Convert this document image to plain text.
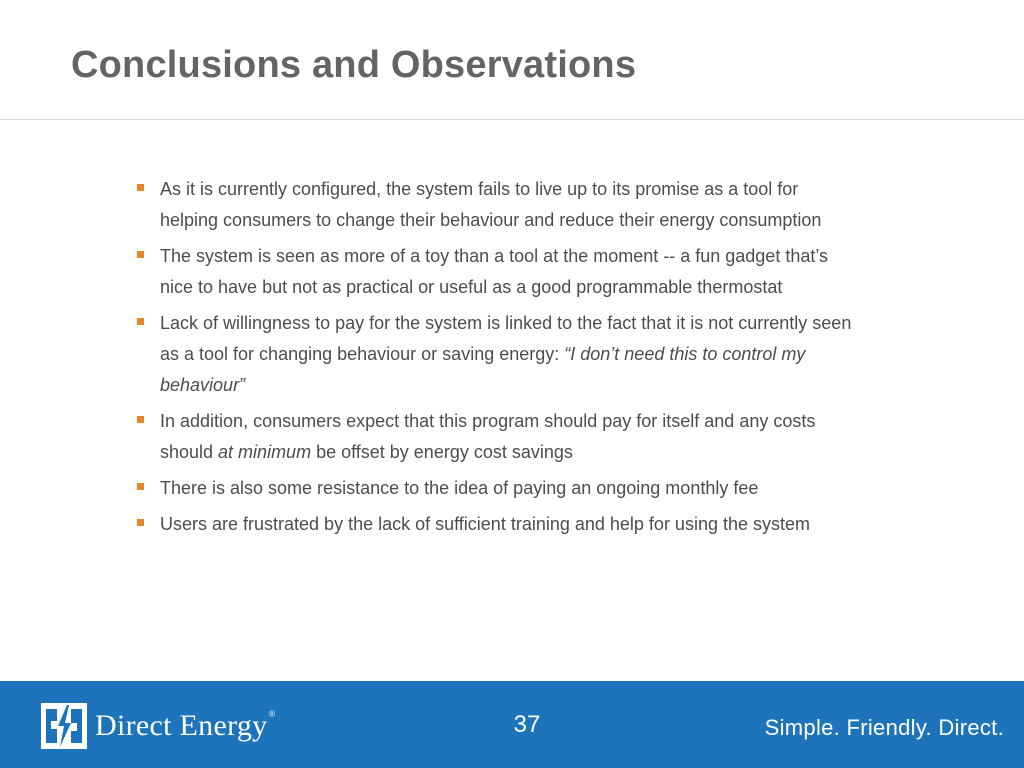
Conclusions and Observations
As it is currently configured, the system fails to live up to its promise as a tool for helping consumers to change their behaviour and reduce their energy consumption
The system is seen as more of a toy than a tool at the moment -- a fun gadget that’s nice to have but not as practical or useful as a good programmable thermostat
Lack of willingness to pay for the system is linked to the fact that it is not currently seen as a tool for changing behaviour or saving energy: “I don’t need this to control my behaviour”
In addition, consumers expect that this program should pay for itself and any costs should at minimum be offset by energy cost savings
There is also some resistance to the idea of paying an ongoing monthly fee
Users are frustrated by the lack of sufficient training and help for using the system
Direct Energy®	37	Simple. Friendly. Direct.
